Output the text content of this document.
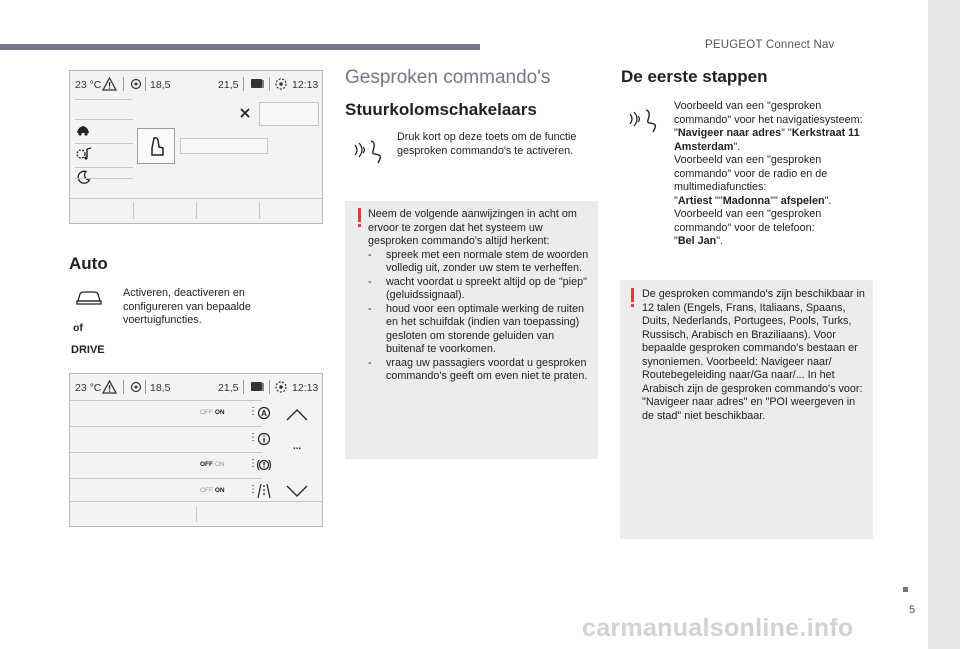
PEUGEOT Connect Nav
5
23 °C	18,5	21,5	12:13
Auto
of
DRIVE
Activeren, deactiveren en configureren van bepaalde voertuigfuncties.
23 °C	18,5	21,5	12:13
OFF ON ⋮ A
⋮
...
OFF ON ⋮
OFF ON ⋮
Gesproken commando's
Stuurkolomschakelaars
Druk kort op deze toets om de functie gesproken commando's te activeren.
Neem de volgende aanwijzingen in acht om ervoor te zorgen dat het systeem uw gesproken commando's altijd herkent:
- spreek met een normale stem de woorden volledig uit, zonder uw stem te verheffen.
- wacht voordat u spreekt altijd op de "piep" (geluidssignaal).
- houd voor een optimale werking de ruiten en het schuifdak (indien van toepassing) gesloten om storende geluiden van buitenaf te voorkomen.
- vraag uw passagiers voordat u gesproken commando's geeft om even niet te praten.
De eerste stappen
Voorbeeld van een "gesproken commando" voor het navigatiesysteem:
"Navigeer naar adres" "Kerkstraat 11 Amsterdam".
Voorbeeld van een "gesproken commando" voor de radio en de multimediafuncties:
"Artiest ""Madonna"" afspelen".
Voorbeeld van een "gesproken commando" voor de telefoon:
"Bel Jan".
De gesproken commando's zijn beschikbaar in 12 talen (Engels, Frans, Italiaans, Spaans, Duits, Nederlands, Portugees, Pools, Turks, Russisch, Arabisch en Braziliaans). Voor bepaalde gesproken commando's bestaan er synoniemen. Voorbeeld: Navigeer naar/ Routebegeleiding naar/Ga naar/... In het Arabisch zijn de gesproken commando's voor: "Navigeer naar adres" en "POI weergeven in de stad" niet beschikbaar.
carmanualsonline.info
